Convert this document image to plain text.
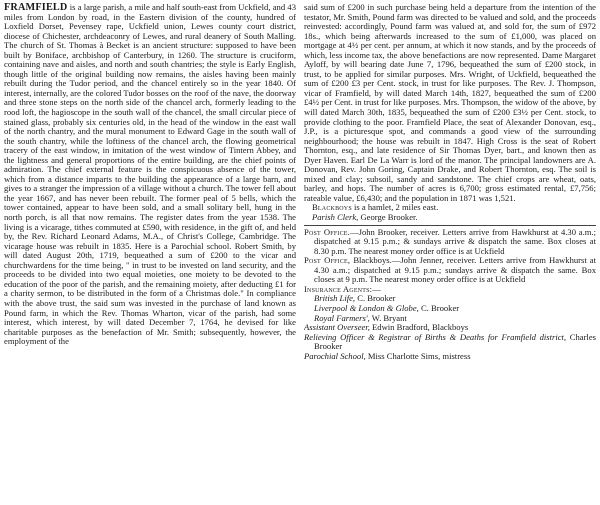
FRAMFIELD is a large parish, a mile and half south-east from Uckfield, and 43 miles from London by road, in the Eastern division of the county, hundred of Loxfield Dorset, Pevensey rape, Uckfield union, Lewes county court district, diocese of Chichester, archdeaconry of Lewes, and rural deanery of South Malling. The church of St. Thomas à Becket is an ancient structure: supposed to have been built by Boniface, archbishop of Canterbury, in 1260. The structure is cruciform, containing nave and aisles, and north and south chantries; the style is Early English, though little of the original building now remains, the aisles having been mainly rebuilt during the Tudor period, and the chancel entirely so in the year 1840. Of interest, internally, are the colored Tudor bosses on the roof of the nave, the doorway and three stone steps on the north side of the chancel arch, formerly leading to the rood loft, the hagioscope in the south wall of the chancel, the small circular piece of stained glass, probably six centuries old, in the head of the window in the east wall of the north chantry, and the mural monument to Edward Gage in the south wall of the south chantry, while the loftiness of the chancel arch, the flowing geometrical tracery of the east window, in imitation of the west window of Tintern Abbey, and the lightness and general proportions of the entire building, are the chief points of admiration. The chief external feature is the conspicuous absence of the tower, which from a distance imparts to the building the appearance of a large barn, and gives to a stranger the impression of a village without a church. The tower fell about the year 1667, and has never been rebuilt. The former peal of 5 bells, which the tower contained, appear to have been sold, and a small solitary bell, hung in the north porch, is all that now remains. The register dates from the year 1538. The living is a vicarage, tithes commuted at £590, with residence, in the gift of, and held by, the Rev. Richard Leonard Adams, M.A., of Christ's College, Cambridge. The vicarage house was rebuilt in 1835. Here is a Parochial school. Robert Smith, by will dated August 20th, 1719, bequeathed a sum of £200 to the vicar and churchwardens for the time being, " in trust to be invested on land security, and the proceeds to be divided into two equal moieties, one moiety to be devoted to the education of the poor of the parish, and the remaining moiety, after deducting £1 for a charity sermon, to be distributed in the form of a Christmas dole." In compliance with the above trust, the said sum was invested in the purchase of land known as Pound farm, in which the Rev. Thomas Wharton, vicar of the parish, had some interest, which interest, by will dated December 7, 1764, he devised for like charitable purposes as the benefaction of Mr. Smith; subsequently, however, the employment of the

said sum of £200 in such purchase being held a departure from the intention of the testator, Mr. Smith, Pound farm was directed to be valued and sold, and the proceeds reinvested: accordingly, Pound farm was valued at, and sold for, the sum of £972 18s., which being afterwards increased to the sum of £1,000, was placed on mortgage at 4½ per cent. per annum, at which it now stands, and by the proceeds of which, less income tax, the above benefactions are now represented. Dame Margaret Ayloff, by will bearing date June 7, 1796, bequeathed the sum of £200 stock, in trust, to be applied for similar purposes. Mrs. Wright, of Uckfield, bequeathed the sum of £200 £3 per Cent. stock, in trust for like purposes. The Rev. J. Thompson, vicar of Framfield, by will dated March 14th, 1827, bequeathed the sum of £200 £4½ per Cent. in trust for like purposes. Mrs. Thompson, the widow of the above, by will dated March 30th, 1835, bequeathed the sum of £200 £3½ per Cent. stock, to provide clothing to the poor. Framfield Place, the seat of Alexander Donovan, esq., J.P., is a picturesque spot, and commands a good view of the surrounding neighbourhood; the house was rebuilt in 1847. High Cross is the seat of Robert Thornton, esq., and late residence of Sir Thomas Dyer, bart., and known then as Dyer Haven. Earl De La Warr is lord of the manor. The principal landowners are A. Donovan, Rev. John Goring, Captain Drake, and Robert Thornton, esq. The soil is mixed and clay; subsoil, sandy and sandstone. The chief crops are wheat, oats, barley, and hops. The number of acres is 6,700; gross estimated rental, £7,756; rateable value, £6,430; and the population in 1871 was 1,521.

Blackboys is a hamlet, 2 miles east.

Parish Clerk, George Brooker.

Post Office.—John Brooker, receiver. Letters arrive from Hawkhurst at 4.30 a.m.; dispatched at 9.15 p.m.; & sundays arrive & dispatch the same. Box closes at 8.30 p.m. The nearest money order office is at Uckfield

Post Office, Blackboys.—John Jenner, receiver. Letters arrive from Hawkhurst at 4.30 a.m.; dispatched at 9.15 p.m.; sundays arrive & dispatch the same. Box closes at 9 p.m. The nearest money order office is at Uckfield

Insurance Agents:—

British Life, C. Brooker

Liverpool & London & Globe, C. Brooker

Royal Farmers', W. Bryant

Assistant Overseer, Edwin Bradford, Blackboys

Relieving Officer & Registrar of Births & Deaths for Framfield district, Charles Brooker

Parochial School, Miss Charlotte Sims, mistress
